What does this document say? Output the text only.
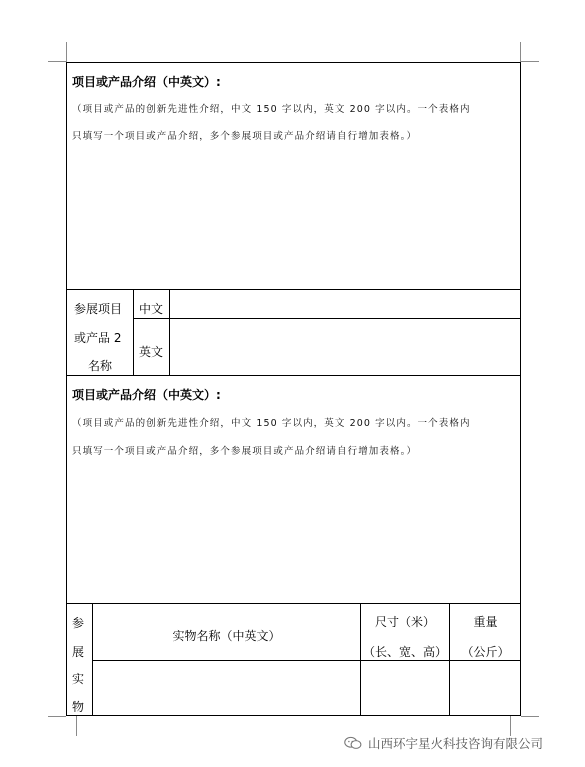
项目或产品介绍（中英文）:
（项目或产品的创新先进性介绍，中文 150 字以内，英文 200 字以内。一个表格内
只填写一个项目或产品介绍，多个参展项目或产品介绍请自行增加表格。）
参展项目
或产品 2
名称
中文
英文
项目或产品介绍（中英文）:
（项目或产品的创新先进性介绍，中文 150 字以内，英文 200 字以内。一个表格内
只填写一个项目或产品介绍，多个参展项目或产品介绍请自行增加表格。）
参
展
实
物
实物名称（中英文）
尺寸（米）
（长、宽、高）
重量
（公斤）
山西环宇星火科技咨询有限公司
